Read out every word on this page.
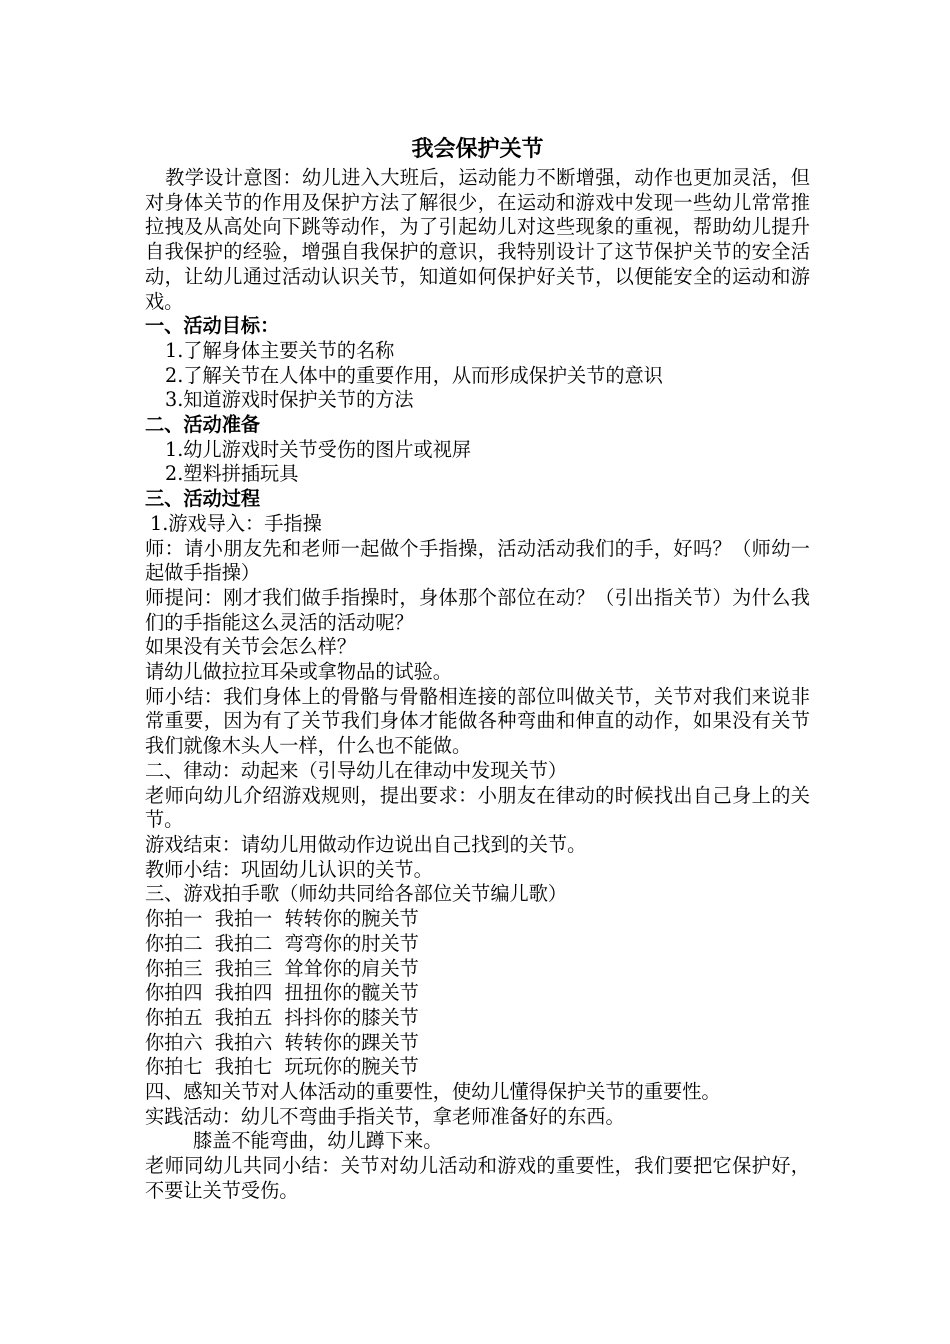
我会保护关节

教学设计意图：幼儿进入大班后，运动能力不断增强，动作也更加灵活，但对身体关节的作用及保护方法了解很少，在运动和游戏中发现一些幼儿常常推拉拽及从高处向下跳等动作，为了引起幼儿对这些现象的重视，帮助幼儿提升自我保护的经验，增强自我保护的意识，我特别设计了这节保护关节的安全活动，让幼儿通过活动认识关节，知道如何保护好关节，以便能安全的运动和游戏。

一、活动目标：
1.了解身体主要关节的名称
2.了解关节在人体中的重要作用，从而形成保护关节的意识
3.知道游戏时保护关节的方法
二、活动准备
1.幼儿游戏时关节受伤的图片或视屏
2.塑料拼插玩具
三、活动过程
1.游戏导入：手指操

师：请小朋友先和老师一起做个手指操，活动活动我们的手，好吗？（师幼一起做手指操）

师提问：刚才我们做手指操时，身体那个部位在动？（引出指关节）为什么我们的手指能这么灵活的活动呢？

如果没有关节会怎么样？

请幼儿做拉拉耳朵或拿物品的试验。

师小结：我们身体上的骨骼与骨骼相连接的部位叫做关节，关节对我们来说非常重要，因为有了关节我们身体才能做各种弯曲和伸直的动作，如果没有关节我们就像木头人一样，什么也不能做。

二、律动：动起来（引导幼儿在律动中发现关节）

老师向幼儿介绍游戏规则，提出要求：小朋友在律动的时候找出自己身上的关节。

游戏结束：请幼儿用做动作边说出自己找到的关节。

教师小结：巩固幼儿认识的关节。

三、游戏拍手歌（师幼共同给各部位关节编儿歌）

你拍一  我拍一  转转你的腕关节
你拍二  我拍二  弯弯你的肘关节
你拍三  我拍三  耸耸你的肩关节
你拍四  我拍四  扭扭你的髋关节
你拍五  我拍五  抖抖你的膝关节
你拍六  我拍六  转转你的踝关节
你拍七  我拍七  玩玩你的腕关节

四、感知关节对人体活动的重要性，使幼儿懂得保护关节的重要性。

实践活动：幼儿不弯曲手指关节，拿老师准备好的东西。

膝盖不能弯曲，幼儿蹲下来。

老师同幼儿共同小结：关节对幼儿活动和游戏的重要性，我们要把它保护好，不要让关节受伤。
